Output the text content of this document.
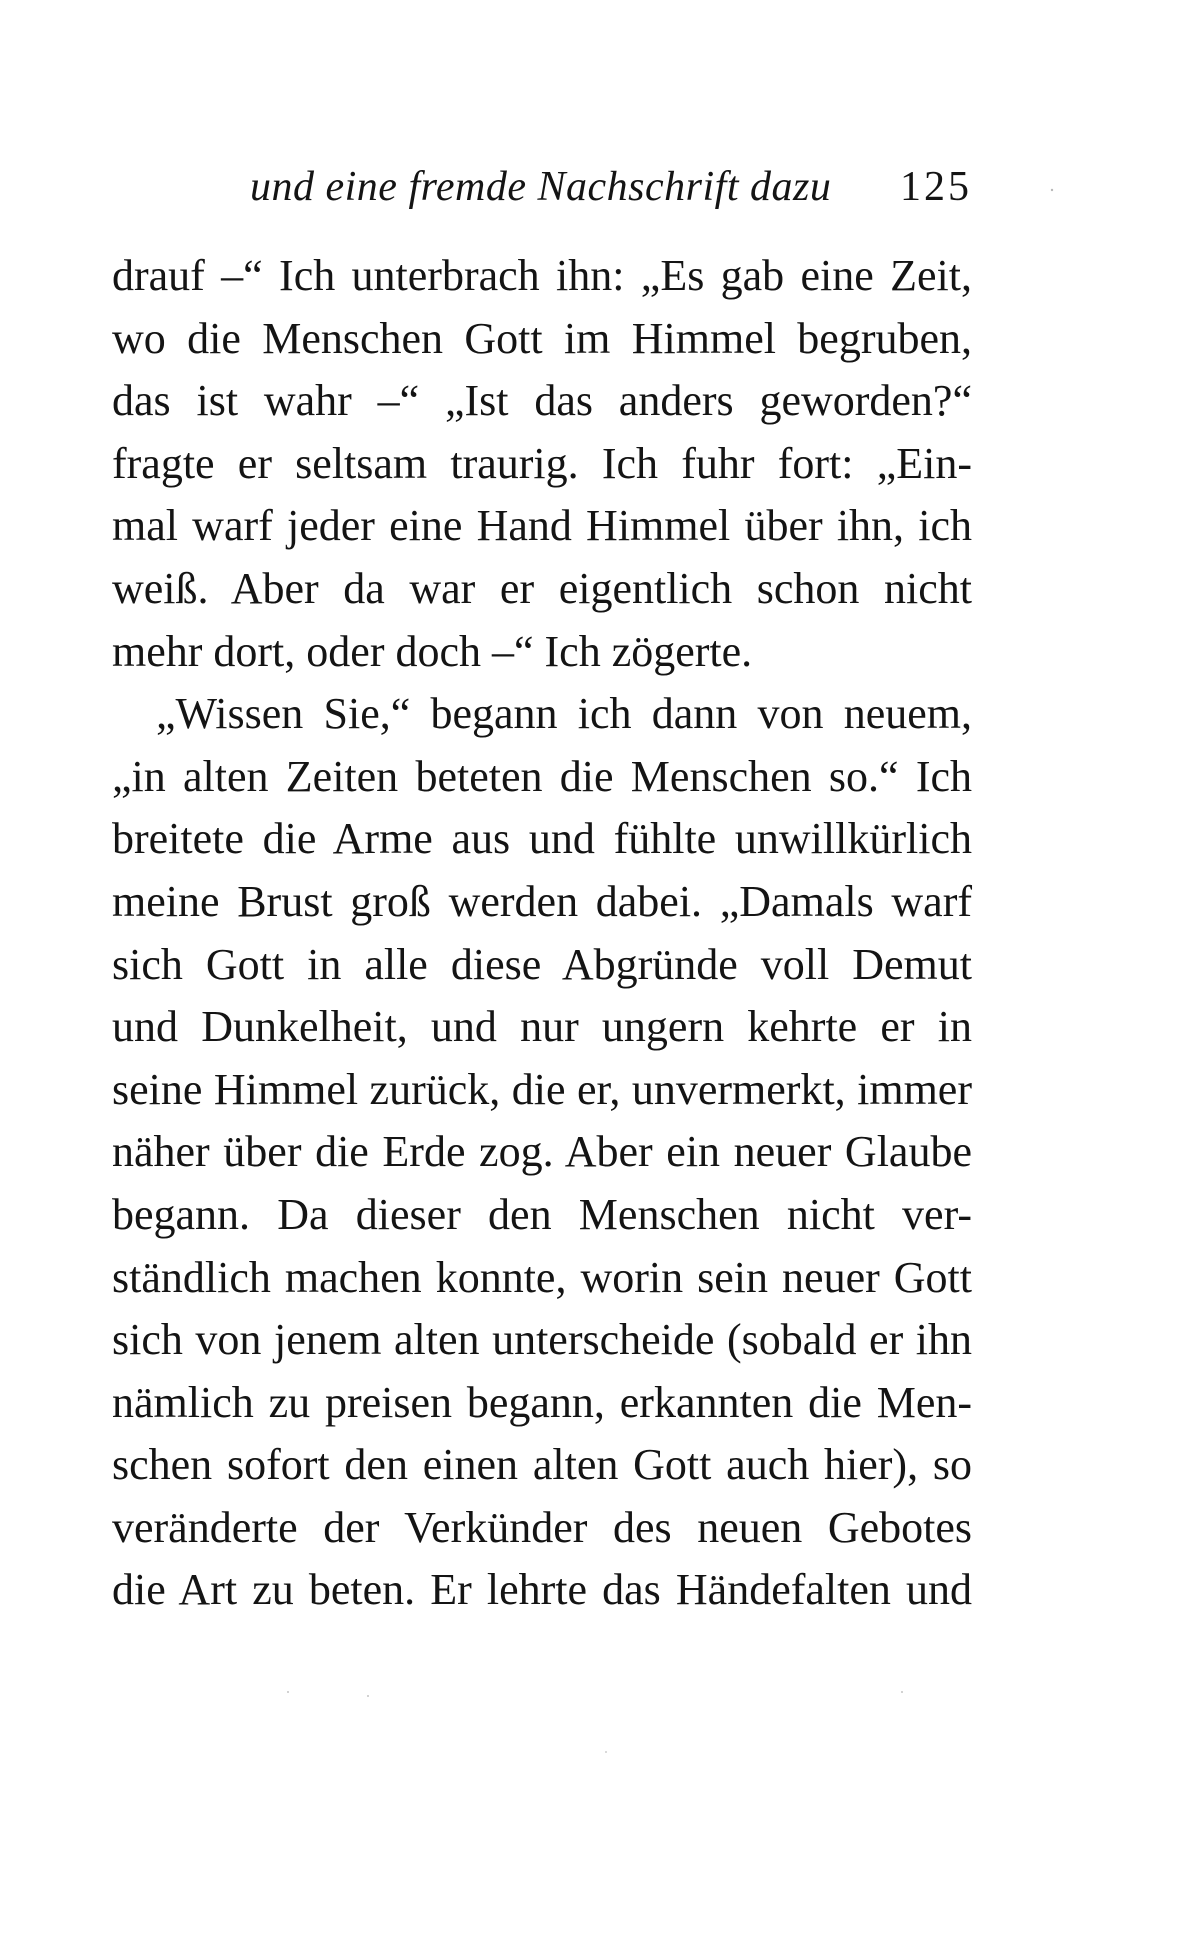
und eine fremde Nachschrift dazu 125
drauf –“ Ich unterbrach ihn: „Es gab eine Zeit,
wo die Menschen Gott im Himmel begruben,
das ist wahr –“ „Ist das anders geworden?“
fragte er seltsam traurig. Ich fuhr fort: „Ein-
mal warf jeder eine Hand Himmel über ihn, ich
weiß. Aber da war er eigentlich schon nicht
mehr dort, oder doch –“ Ich zögerte.
„Wissen Sie,“ begann ich dann von neuem,
„in alten Zeiten beteten die Menschen so.“ Ich
breitete die Arme aus und fühlte unwillkürlich
meine Brust groß werden dabei. „Damals warf
sich Gott in alle diese Abgründe voll Demut
und Dunkelheit, und nur ungern kehrte er in
seine Himmel zurück, die er, unvermerkt, immer
näher über die Erde zog. Aber ein neuer Glaube
begann. Da dieser den Menschen nicht ver-
ständlich machen konnte, worin sein neuer Gott
sich von jenem alten unterscheide (sobald er ihn
nämlich zu preisen begann, erkannten die Men-
schen sofort den einen alten Gott auch hier), so
veränderte der Verkünder des neuen Gebotes
die Art zu beten. Er lehrte das Händefalten und
